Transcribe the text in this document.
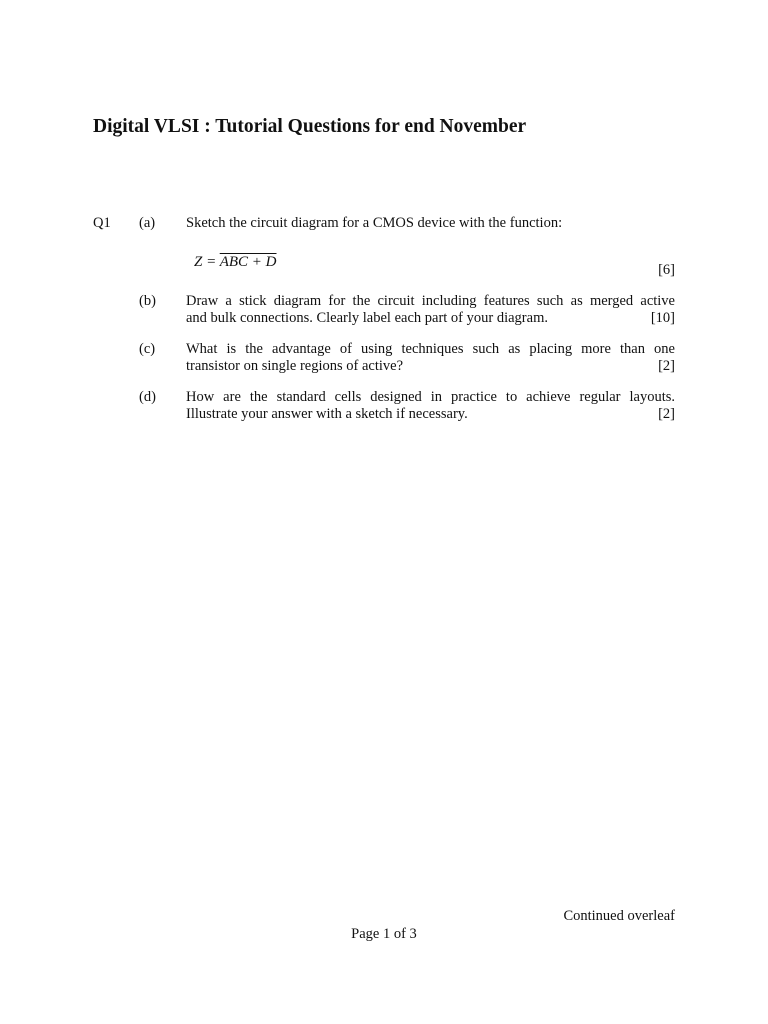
Digital VLSI : Tutorial Questions for end November
Q1 (a) Sketch the circuit diagram for a CMOS device with the function:
Z = ABC + D	[6]
(b) Draw a stick diagram for the circuit including features such as merged active
and bulk connections. Clearly label each part of your diagram.	[10]
(c) What is the advantage of using techniques such as placing more than one
transistor on single regions of active?	[2]
(d) How are the standard cells designed in practice to achieve regular layouts.
Illustrate your answer with a sketch if necessary.	[2]
Continued overleaf
Page 1 of 3
